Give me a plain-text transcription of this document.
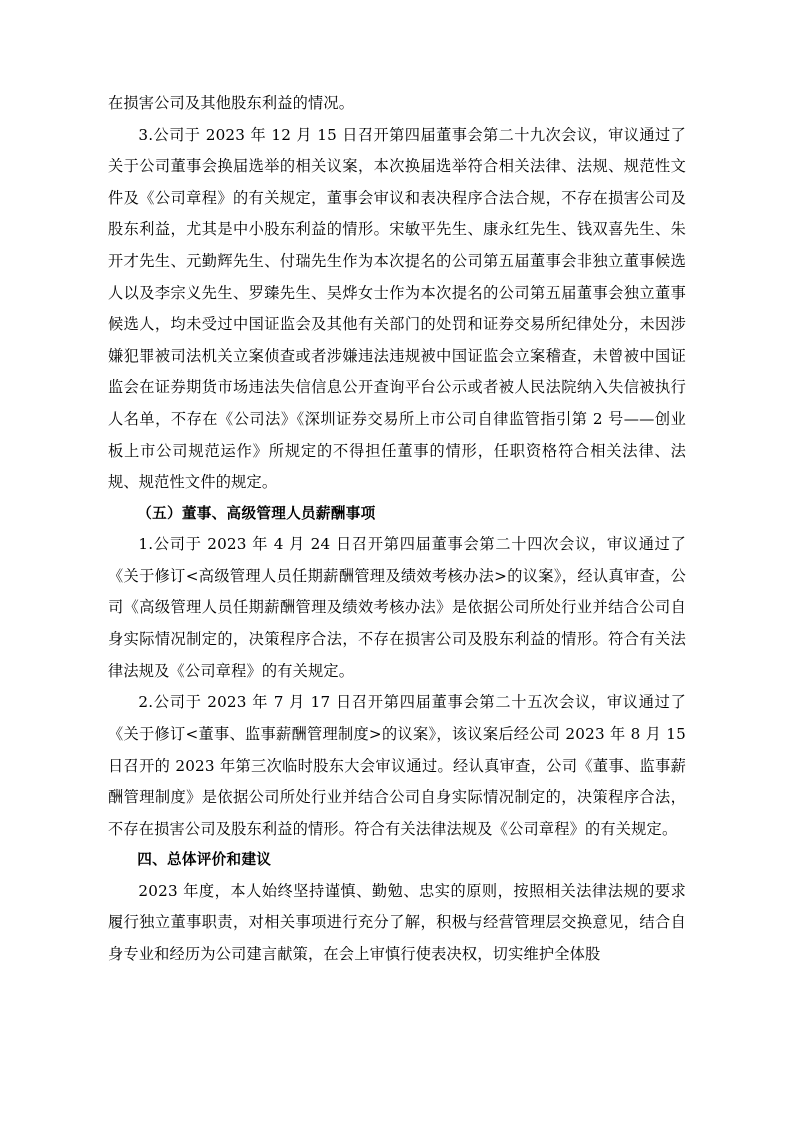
在损害公司及其他股东利益的情况。

3.公司于 2023 年 12 月 15 日召开第四届董事会第二十九次会议，审议通过了关于公司董事会换届选举的相关议案，本次换届选举符合相关法律、法规、规范性文件及《公司章程》的有关规定，董事会审议和表决程序合法合规，不存在损害公司及股东利益，尤其是中小股东利益的情形。宋敏平先生、康永红先生、钱双喜先生、朱开才先生、元勤辉先生、付瑞先生作为本次提名的公司第五届董事会非独立董事候选人以及李宗义先生、罗臻先生、吴烨女士作为本次提名的公司第五届董事会独立董事候选人，均未受过中国证监会及其他有关部门的处罚和证券交易所纪律处分，未因涉嫌犯罪被司法机关立案侦查或者涉嫌违法违规被中国证监会立案稽查，未曾被中国证监会在证券期货市场违法失信信息公开查询平台公示或者被人民法院纳入失信被执行人名单，不存在《公司法》《深圳证券交易所上市公司自律监管指引第 2 号——创业板上市公司规范运作》所规定的不得担任董事的情形，任职资格符合相关法律、法规、规范性文件的规定。

（五）董事、高级管理人员薪酬事项

1.公司于 2023 年 4 月 24 日召开第四届董事会第二十四次会议，审议通过了《关于修订<高级管理人员任期薪酬管理及绩效考核办法>的议案》，经认真审查，公司《高级管理人员任期薪酬管理及绩效考核办法》是依据公司所处行业并结合公司自身实际情况制定的，决策程序合法，不存在损害公司及股东利益的情形。符合有关法律法规及《公司章程》的有关规定。

2.公司于 2023 年 7 月 17 日召开第四届董事会第二十五次会议，审议通过了《关于修订<董事、监事薪酬管理制度>的议案》，该议案后经公司 2023 年 8 月 15 日召开的 2023 年第三次临时股东大会审议通过。经认真审查，公司《董事、监事薪酬管理制度》是依据公司所处行业并结合公司自身实际情况制定的，决策程序合法，不存在损害公司及股东利益的情形。符合有关法律法规及《公司章程》的有关规定。

四、总体评价和建议

2023 年度，本人始终坚持谨慎、勤勉、忠实的原则，按照相关法律法规的要求履行独立董事职责，对相关事项进行充分了解，积极与经营管理层交换意见，结合自身专业和经历为公司建言献策，在会上审慎行使表决权，切实维护全体股
